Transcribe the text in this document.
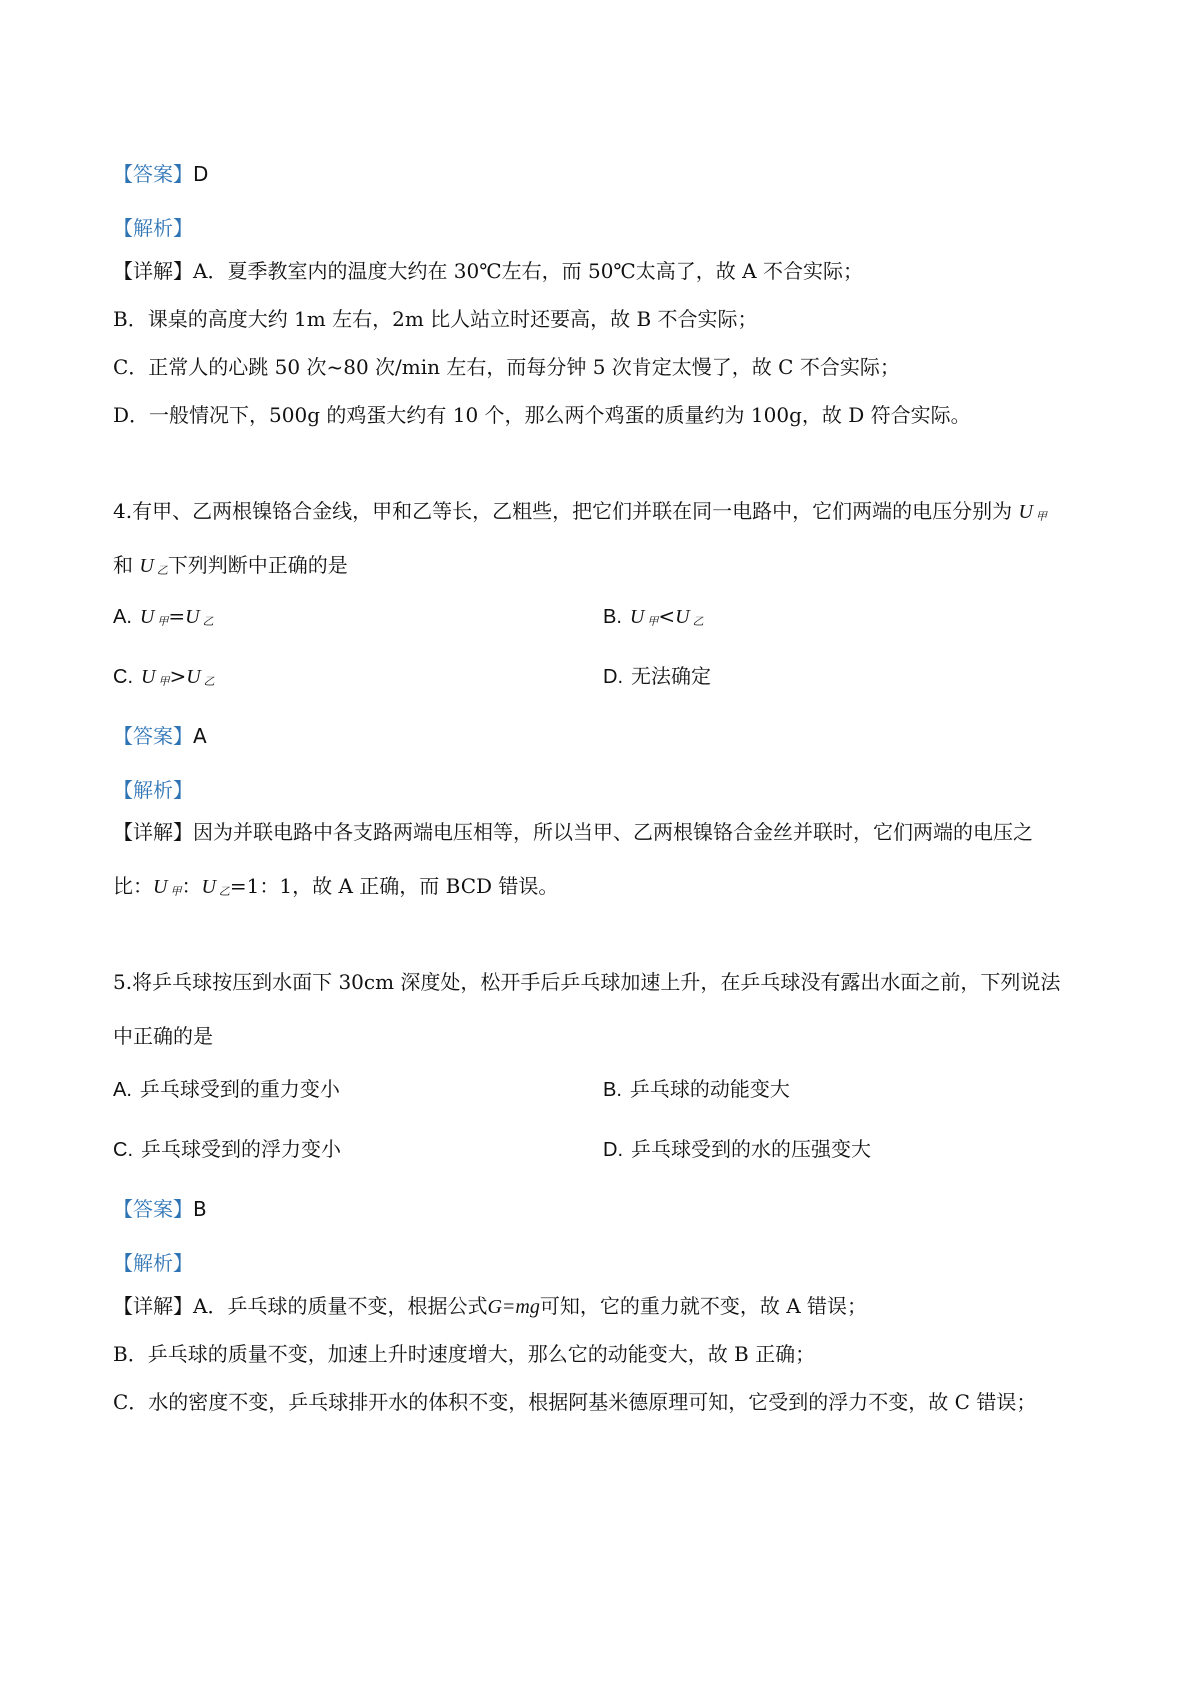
【答案】D
【解析】
【详解】A．夏季教室内的温度大约在 30℃左右，而 50℃太高了，故 A 不合实际；
B．课桌的高度大约 1m 左右，2m 比人站立时还要高，故 B 不合实际；
C．正常人的心跳 50 次~80 次/min 左右，而每分钟 5 次肯定太慢了，故 C 不合实际；
D．一般情况下，500g 的鸡蛋大约有 10 个，那么两个鸡蛋的质量约为 100g，故 D 符合实际。
4.有甲、乙两根镍铬合金线，甲和乙等长，乙粗些，把它们并联在同一电路中，它们两端的电压分别为 U 甲
和 U 乙下列判断中正确的是
A. U 甲=U 乙	B. U 甲<U 乙
C. U 甲>U 乙	D. 无法确定
【答案】A
【解析】
【详解】因为并联电路中各支路两端电压相等，所以当甲、乙两根镍铬合金丝并联时，它们两端的电压之
比：U 甲：U 乙=1：1，故 A 正确，而 BCD 错误。
5.将乒乓球按压到水面下 30cm 深度处，松开手后乒乓球加速上升，在乒乓球没有露出水面之前，下列说法
中正确的是
A. 乒乓球受到的重力变小	B. 乒乓球的动能变大
C. 乒乓球受到的浮力变小	D. 乒乓球受到的水的压强变大
【答案】B
【解析】
【详解】A．乒乓球的质量不变，根据公式G=mg可知，它的重力就不变，故 A 错误；
B．乒乓球的质量不变，加速上升时速度增大，那么它的动能变大，故 B 正确；
C．水的密度不变，乒乓球排开水的体积不变，根据阿基米德原理可知，它受到的浮力不变，故 C 错误；
